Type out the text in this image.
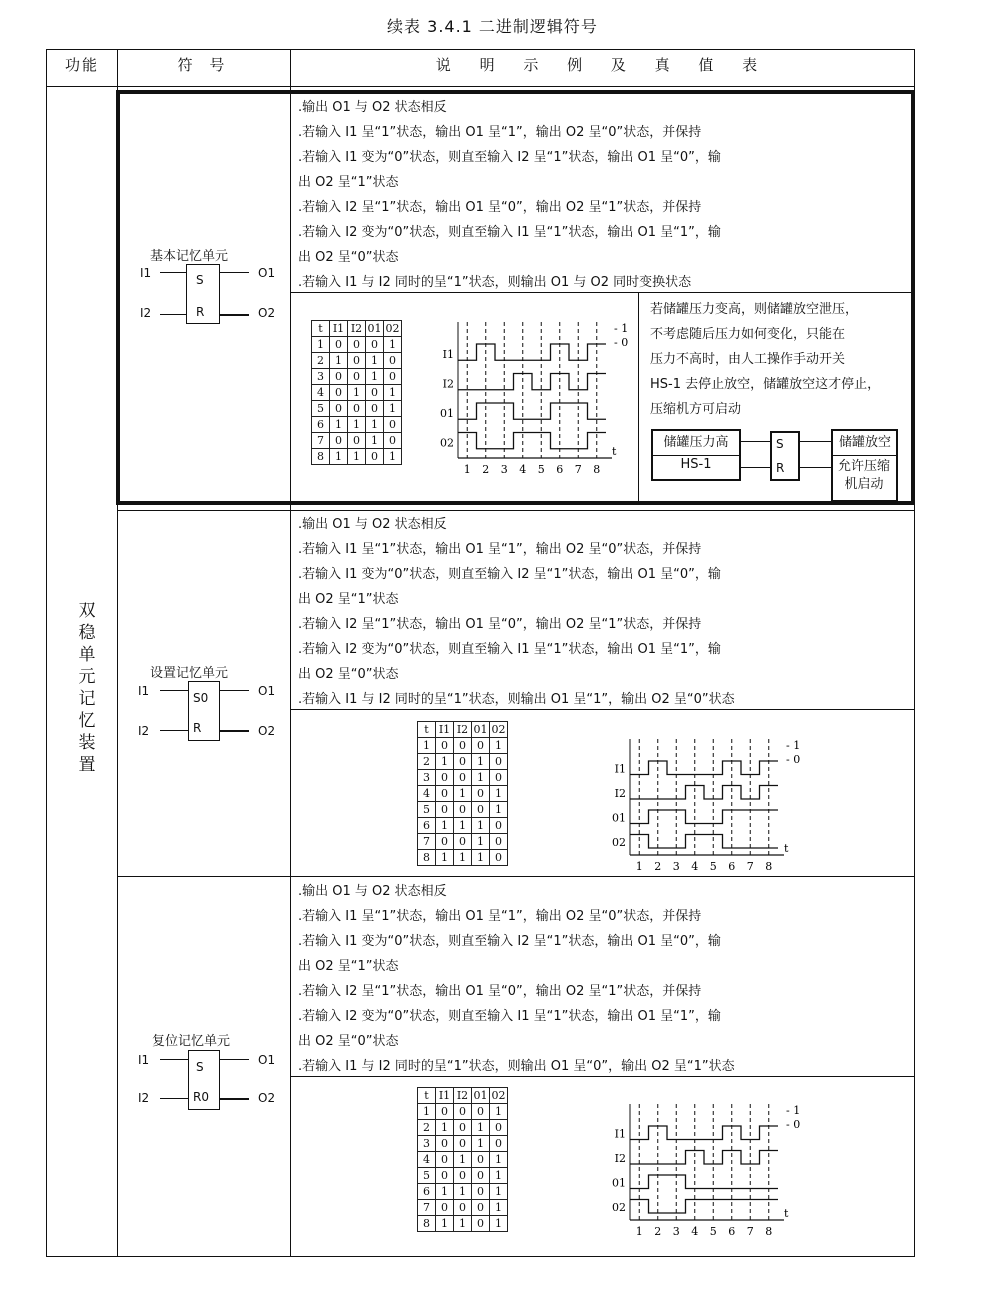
续表 3.4.1 二进制逻辑符号
功能	符 号	说 明 示 例 及 真 值 表
双稳单元记忆装置
基本记忆单元
I1
I2
O1
O2
S
R
.输出 O1 与 O2 状态相反
.若输入 I1 呈“1”状态，输出 O1 呈“1”，输出 O2 呈“0”状态，并保持
.若输入 I1 变为“0”状态，则直至输入 I2 呈“1”状态，输出 O1 呈“0”，输
出 O2 呈“1”状态
.若输入 I2 呈“1”状态，输出 O1 呈“0”，输出 O2 呈“1”状态，并保持
.若输入 I2 变为“0”状态，则直至输入 I1 呈“1”状态，输出 O1 呈“1”，输
出 O2 呈“0”状态
.若输入 I1 与 I2 同时的呈“1”状态，则输出 O1 与 O2 同时变换状态
t	I1	I2	01	02
1	0	0	0	1
2	1	0	1	0
3	0	0	1	0
4	0	1	0	1
5	0	0	0	1
6	1	1	1	0
7	0	0	1	0
8	1	1	0	1
1 2 3 4 5 6 7 8
t
- 1
- 0
I1
I2
01
02
若储罐压力变高，则储罐放空泄压，
不考虑随后压力如何变化，只能在
压力不高时，由人工操作手动开关
HS-1 去停止放空，储罐放空这才停止，
压缩机方可启动
储罐压力高
HS-1
S
R
储罐放空
允许压缩机启动
设置记忆单元
I1
I2
O1
O2
S0
R
.输出 O1 与 O2 状态相反
.若输入 I1 呈“1”状态，输出 O1 呈“1”，输出 O2 呈“0”状态，并保持
.若输入 I1 变为“0”状态，则直至输入 I2 呈“1”状态，输出 O1 呈“0”，输
出 O2 呈“1”状态
.若输入 I2 呈“1”状态，输出 O1 呈“0”，输出 O2 呈“1”状态，并保持
.若输入 I2 变为“0”状态，则直至输入 I1 呈“1”状态，输出 O1 呈“1”，输
出 O2 呈“0”状态
.若输入 I1 与 I2 同时的呈“1”状态，则输出 O1 呈“1”，输出 O2 呈“0”状态
t	I1	I2	01	02
1	0	0	0	1
2	1	0	1	0
3	0	0	1	0
4	0	1	0	1
5	0	0	0	1
6	1	1	1	0
7	0	0	1	0
8	1	1	1	0
1 2 3 4 5 6 7 8
t
- 1
- 0
I1
I2
01
02
复位记忆单元
I1
I2
O1
O2
S
R0
.输出 O1 与 O2 状态相反
.若输入 I1 呈“1”状态，输出 O1 呈“1”，输出 O2 呈“0”状态，并保持
.若输入 I1 变为“0”状态，则直至输入 I2 呈“1”状态，输出 O1 呈“0”，输
出 O2 呈“1”状态
.若输入 I2 呈“1”状态，输出 O1 呈“0”，输出 O2 呈“1”状态，并保持
.若输入 I2 变为“0”状态，则直至输入 I1 呈“1”状态，输出 O1 呈“1”，输
出 O2 呈“0”状态
.若输入 I1 与 I2 同时的呈“1”状态，则输出 O1 呈“0”，输出 O2 呈“1”状态
t	I1	I2	01	02
1	0	0	0	1
2	1	0	1	0
3	0	0	1	0
4	0	1	0	1
5	0	0	0	1
6	1	1	0	1
7	0	0	0	1
8	1	1	0	1
1 2 3 4 5 6 7 8
t
- 1
- 0
I1
I2
01
02
